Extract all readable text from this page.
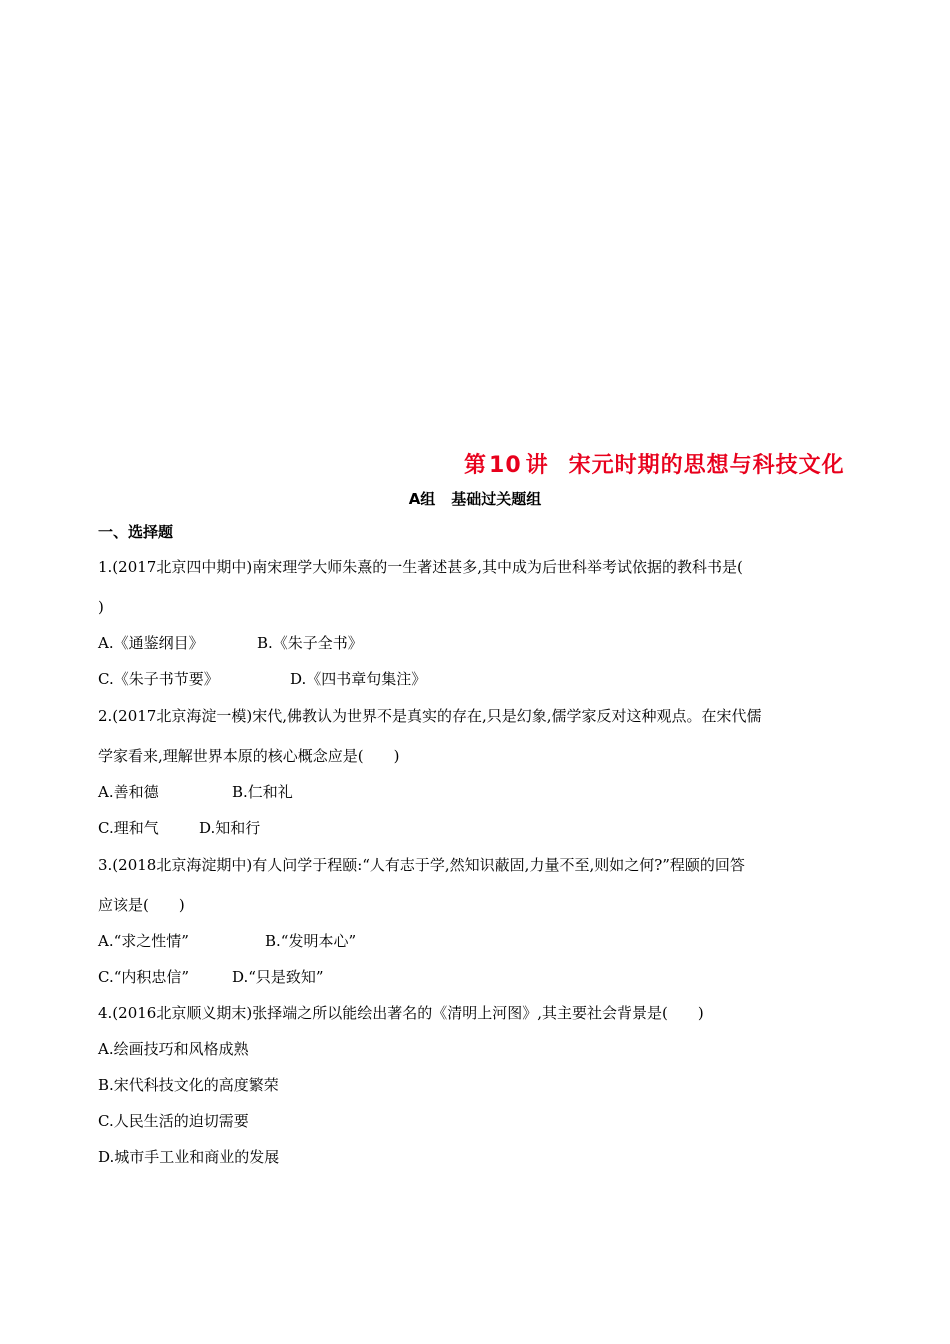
第10 讲 宋元时期的思想与科技文化
A组 基础过关题组
一、选择题
1.(2017北京四中期中)南宋理学大师朱熹的一生著述甚多,其中成为后世科举考试依据的教科书是(
)
A.《通鉴纲目》	B.《朱子全书》
C.《朱子书节要》	D.《四书章句集注》
2.(2017北京海淀一模)宋代,佛教认为世界不是真实的存在,只是幻象,儒学家反对这种观点。在宋代儒
学家看来,理解世界本原的核心概念应是(　　)
A.善和德	B.仁和礼
C.理和气	D.知和行
3.(2018北京海淀期中)有人问学于程颐:“人有志于学,然知识蔽固,力量不至,则如之何?”程颐的回答
应该是(　　)
A.“求之性情”	B.“发明本心”
C.“内积忠信”	D.“只是致知”
4.(2016北京顺义期末)张择端之所以能绘出著名的《清明上河图》,其主要社会背景是(　　)
A.绘画技巧和风格成熟
B.宋代科技文化的高度繁荣
C.人民生活的迫切需要
D.城市手工业和商业的发展
